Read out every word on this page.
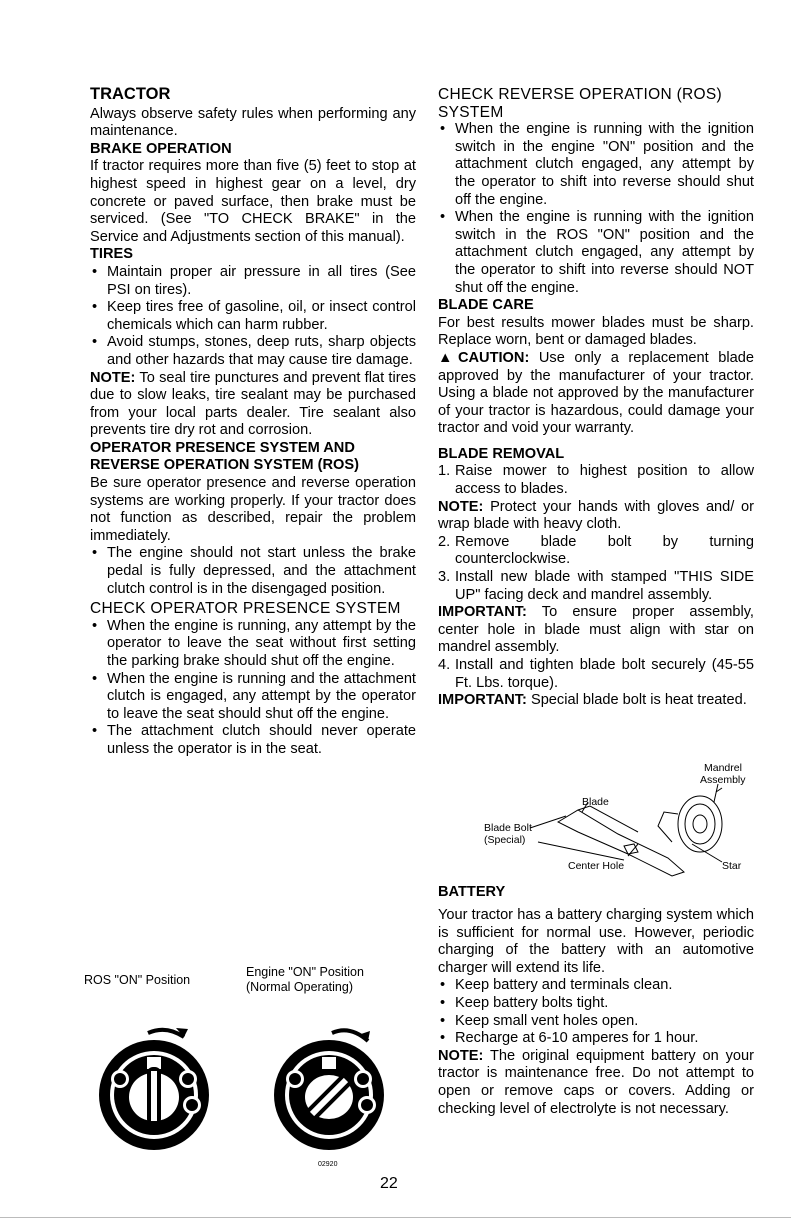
TRACTOR
Always observe safety rules when performing any maintenance.
BRAKE OPERATION
If tractor requires more than five (5) feet to stop at highest speed in highest gear on a level, dry concrete or paved surface, then brake must be serviced. (See "TO CHECK BRAKE" in the Service and Adjustments section of this manual).
TIRES
• Maintain proper air pressure in all tires (See PSI on tires).
• Keep tires free of gasoline, oil, or insect control chemicals which can harm rubber.
• Avoid stumps, stones, deep ruts, sharp objects and other hazards that may cause tire damage.
NOTE: To seal tire punctures and prevent flat tires due to slow leaks, tire sealant may be purchased from your local parts dealer. Tire sealant also prevents tire dry rot and corrosion.
OPERATOR PRESENCE SYSTEM AND REVERSE OPERATION SYSTEM (ROS)
Be sure operator presence and reverse operation systems are working properly. If your tractor does not function as described, repair the problem immediately.
• The engine should not start unless the brake pedal is fully depressed, and the attachment clutch control is in the disengaged position.
CHECK OPERATOR PRESENCE SYSTEM
• When the engine is running, any attempt by the operator to leave the seat without first setting the parking brake should shut off the engine.
• When the engine is running and the attachment clutch is engaged, any attempt by the operator to leave the seat should shut off the engine.
• The attachment clutch should never operate unless the operator is in the seat.
ROS "ON" Position
Engine "ON" Position
(Normal Operating)
02920
CHECK REVERSE OPERATION (ROS) SYSTEM
• When the engine is running with the ignition switch in the engine "ON" position and the attachment clutch engaged, any attempt by the operator to shift into reverse should shut off the engine.
• When the engine is running with the ignition switch in the ROS "ON" position and the attachment clutch engaged, any attempt by the operator to shift into reverse should NOT shut off the engine.
BLADE CARE
For best results mower blades must be sharp. Replace worn, bent or damaged blades.
▲CAUTION: Use only a replacement blade approved by the manufacturer of your tractor. Using a blade not approved by the manufacturer of your tractor is hazardous, could damage your tractor and void your warranty.
BLADE REMOVAL
1. Raise mower to highest position to allow access to blades.
NOTE: Protect your hands with gloves and/ or wrap blade with heavy cloth.
2. Remove blade bolt by turning counterclockwise.
3. Install new blade with stamped "THIS SIDE UP" facing deck and mandrel assembly.
IMPORTANT: To ensure proper assembly, center hole in blade must align with star on mandrel assembly.
4. Install and tighten blade bolt securely (45-55 Ft. Lbs. torque).
IMPORTANT: Special blade bolt is heat treated.
Mandrel
Assembly
Blade
Blade Bolt
(Special)
Star
Center Hole
BATTERY
Your tractor has a battery charging system which is sufficient for normal use. However, periodic charging of the battery with an automotive charger will extend its life.
• Keep battery and terminals clean.
• Keep battery bolts tight.
• Keep small vent holes open.
• Recharge at 6-10 amperes for 1 hour.
NOTE: The original equipment battery on your tractor is maintenance free. Do not attempt to open or remove caps or covers. Adding or checking level of electrolyte is not necessary.
22
